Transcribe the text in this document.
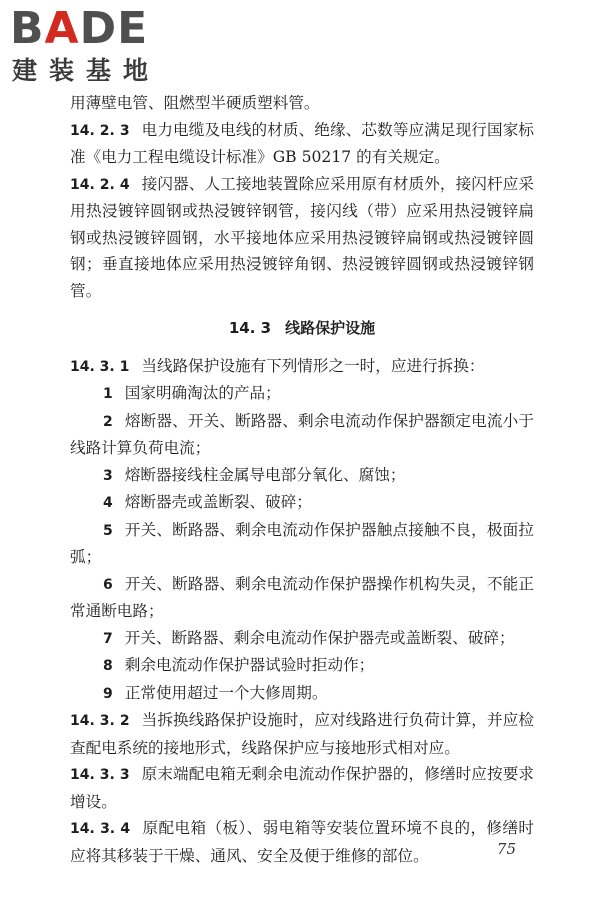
BADE
建装基地

用薄壁电管、阻燃型半硬质塑料管。

14. 2. 3 电力电缆及电线的材质、绝缘、芯数等应满足现行国家标准《电力工程电缆设计标准》GB 50217 的有关规定。

14. 2. 4 接闪器、人工接地装置除应采用原有材质外，接闪杆应采用热浸镀锌圆钢或热浸镀锌钢管，接闪线（带）应采用热浸镀锌扁钢或热浸镀锌圆钢，水平接地体应采用热浸镀锌扁钢或热浸镀锌圆钢；垂直接地体应采用热浸镀锌角钢、热浸镀锌圆钢或热浸镀锌钢管。

14. 3 线路保护设施

14. 3. 1 当线路保护设施有下列情形之一时，应进行拆换：

1 国家明确淘汰的产品；

2 熔断器、开关、断路器、剩余电流动作保护器额定电流小于线路计算负荷电流；

3 熔断器接线柱金属导电部分氧化、腐蚀；

4 熔断器壳或盖断裂、破碎；

5 开关、断路器、剩余电流动作保护器触点接触不良，极面拉弧；

6 开关、断路器、剩余电流动作保护器操作机构失灵，不能正常通断电路；

7 开关、断路器、剩余电流动作保护器壳或盖断裂、破碎；

8 剩余电流动作保护器试验时拒动作；

9 正常使用超过一个大修周期。

14. 3. 2 当拆换线路保护设施时，应对线路进行负荷计算，并应检查配电系统的接地形式，线路保护应与接地形式相对应。

14. 3. 3 原末端配电箱无剩余电流动作保护器的，修缮时应按要求增设。

14. 3. 4 原配电箱（板）、弱电箱等安装位置环境不良的，修缮时应将其移装于干燥、通风、安全及便于维修的部位。	75
